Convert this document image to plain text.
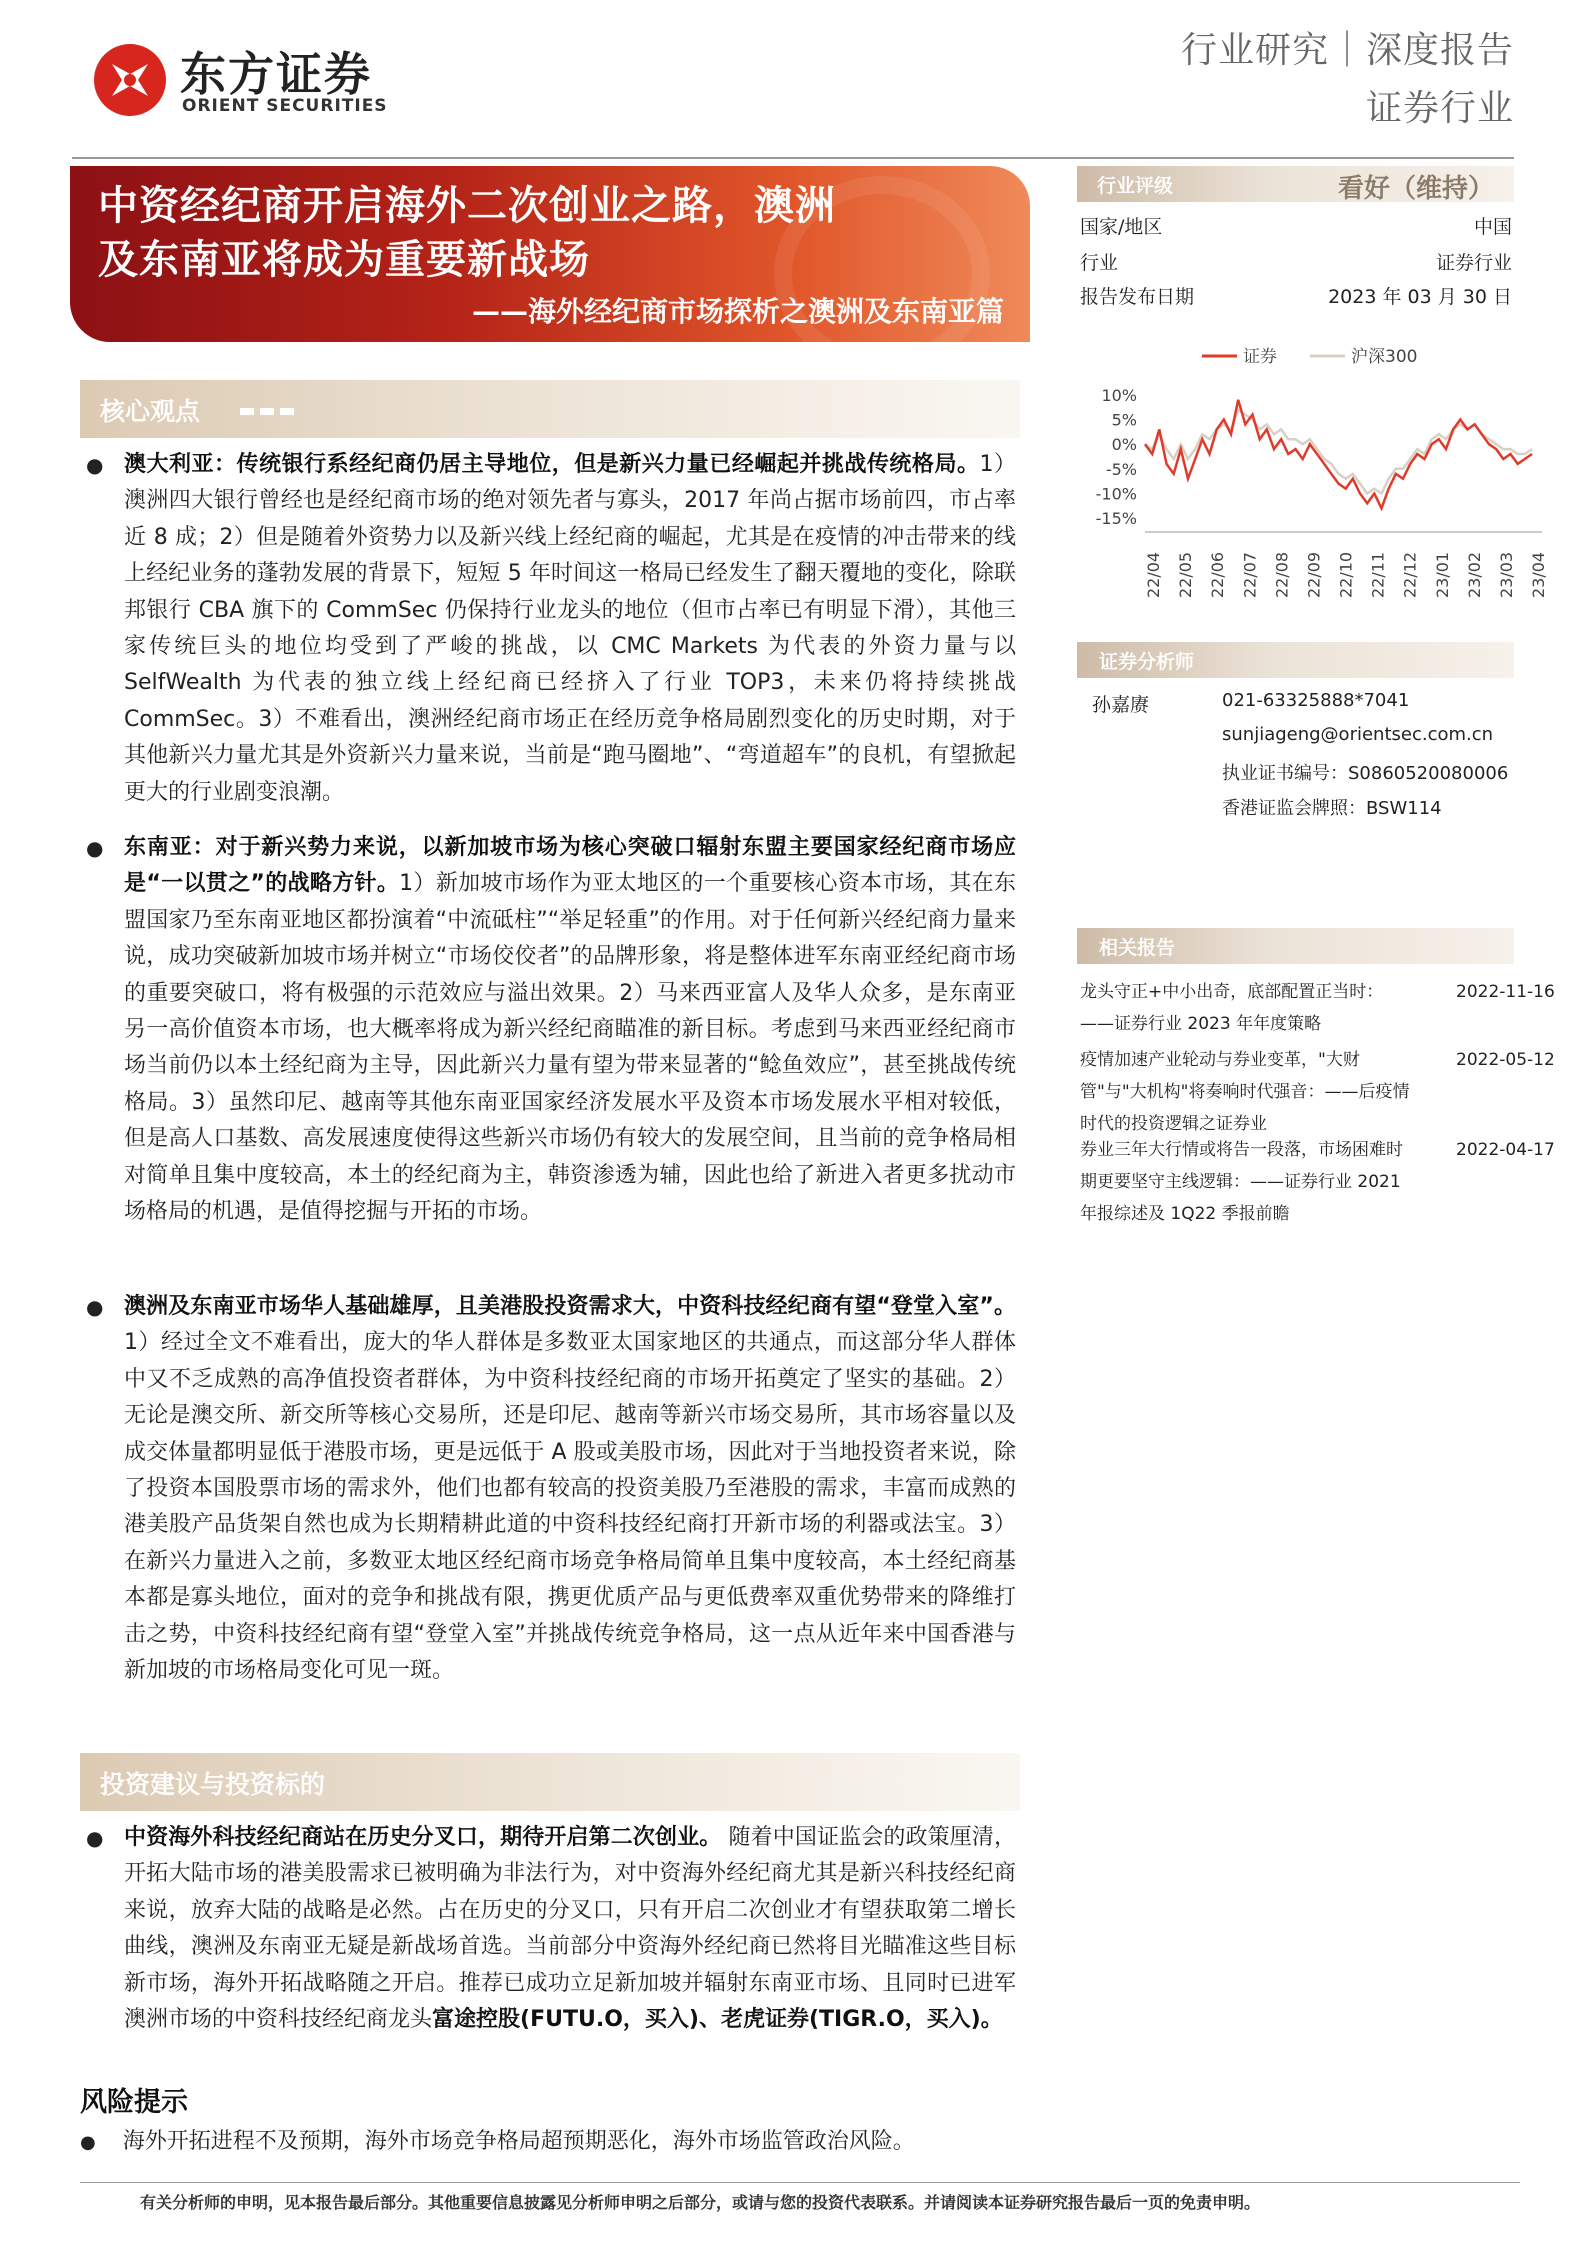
东方证券
ORIENT SECURITIES
行业研究｜深度报告
证券行业
中资经纪商开启海外二次创业之路，澳洲
及东南亚将成为重要新战场
——海外经纪商市场探析之澳洲及东南亚篇
行业评级	看好（维持）
国家/地区	中国
行业	证券行业
报告发布日期	2023 年 03 月 30 日
证券	沪深300
10%
5%
0%
-5%
-10%
-15%
22/04 22/05 22/06 22/07 22/08 22/09 22/10 22/11 22/12 23/01 23/02 23/03 23/04
证券分析师
孙嘉赓	021-63325888*7041
sunjiageng@orientsec.com.cn
执业证书编号：S0860520080006
香港证监会牌照：BSW114
相关报告
龙头守正+中小出奇，底部配置正当时：——证券行业 2023 年年度策略
2022-11-16
疫情加速产业轮动与券业变革，"大财管"与"大机构"将奏响时代强音：——后疫情时代的投资逻辑之证券业
2022-05-12
券业三年大行情或将告一段落，市场困难时期更要坚守主线逻辑：——证券行业 2021 年报综述及 1Q22 季报前瞻
2022-04-17
核心观点
● 澳大利亚：传统银行系经纪商仍居主导地位，但是新兴力量已经崛起并挑战传统格局。1）澳洲四大银行曾经也是经纪商市场的绝对领先者与寡头，2017 年尚占据市场前四，市占率近 8 成；2）但是随着外资势力以及新兴线上经纪商的崛起，尤其是在疫情的冲击带来的线上经纪业务的蓬勃发展的背景下，短短 5 年时间这一格局已经发生了翻天覆地的变化，除联邦银行 CBA 旗下的 CommSec 仍保持行业龙头的地位（但市占率已有明显下滑），其他三家传统巨头的地位均受到了严峻的挑战，以 CMC Markets 为代表的外资力量与以 SelfWealth 为代表的独立线上经纪商已经挤入了行业 TOP3，未来仍将持续挑战 CommSec。3）不难看出，澳洲经纪商市场正在经历竞争格局剧烈变化的历史时期，对于其他新兴力量尤其是外资新兴力量来说，当前是“跑马圈地”、“弯道超车”的良机，有望掀起更大的行业剧变浪潮。
● 东南亚：对于新兴势力来说，以新加坡市场为核心突破口辐射东盟主要国家经纪商市场应是“一以贯之”的战略方针。1）新加坡市场作为亚太地区的一个重要核心资本市场，其在东盟国家乃至东南亚地区都扮演着“中流砥柱”“举足轻重”的作用。对于任何新兴经纪商力量来说，成功突破新加坡市场并树立“市场佼佼者”的品牌形象，将是整体进军东南亚经纪商市场的重要突破口，将有极强的示范效应与溢出效果。2）马来西亚富人及华人众多，是东南亚另一高价值资本市场，也大概率将成为新兴经纪商瞄准的新目标。考虑到马来西亚经纪商市场当前仍以本土经纪商为主导，因此新兴力量有望为带来显著的“鲶鱼效应”，甚至挑战传统格局。3）虽然印尼、越南等其他东南亚国家经济发展水平及资本市场发展水平相对较低，但是高人口基数、高发展速度使得这些新兴市场仍有较大的发展空间，且当前的竞争格局相对简单且集中度较高，本土的经纪商为主，韩资渗透为辅，因此也给了新进入者更多扰动市场格局的机遇，是值得挖掘与开拓的市场。
● 澳洲及东南亚市场华人基础雄厚，且美港股投资需求大，中资科技经纪商有望“登堂入室”。1）经过全文不难看出，庞大的华人群体是多数亚太国家地区的共通点，而这部分华人群体中又不乏成熟的高净值投资者群体，为中资科技经纪商的市场开拓奠定了坚实的基础。2）无论是澳交所、新交所等核心交易所，还是印尼、越南等新兴市场交易所，其市场容量以及成交体量都明显低于港股市场，更是远低于 A 股或美股市场，因此对于当地投资者来说，除了投资本国股票市场的需求外，他们也都有较高的投资美股乃至港股的需求，丰富而成熟的港美股产品货架自然也成为长期精耕此道的中资科技经纪商打开新市场的利器或法宝。3）在新兴力量进入之前，多数亚太地区经纪商市场竞争格局简单且集中度较高，本土经纪商基本都是寡头地位，面对的竞争和挑战有限，携更优质产品与更低费率双重优势带来的降维打击之势，中资科技经纪商有望“登堂入室”并挑战传统竞争格局，这一点从近年来中国香港与新加坡的市场格局变化可见一斑。
投资建议与投资标的
● 中资海外科技经纪商站在历史分叉口，期待开启第二次创业。 随着中国证监会的政策厘清，开拓大陆市场的港美股需求已被明确为非法行为，对中资海外经纪商尤其是新兴科技经纪商来说，放弃大陆的战略是必然。占在历史的分叉口，只有开启二次创业才有望获取第二增长曲线，澳洲及东南亚无疑是新战场首选。当前部分中资海外经纪商已然将目光瞄准这些目标新市场，海外开拓战略随之开启。推荐已成功立足新加坡并辐射东南亚市场、且同时已进军澳洲市场的中资科技经纪商龙头富途控股(FUTU.O，买入)、老虎证券(TIGR.O，买入)。
风险提示
● 海外开拓进程不及预期，海外市场竞争格局超预期恶化，海外市场监管政治风险。
有关分析师的申明，见本报告最后部分。其他重要信息披露见分析师申明之后部分，或请与您的投资代表联系。并请阅读本证券研究报告最后一页的免责申明。
